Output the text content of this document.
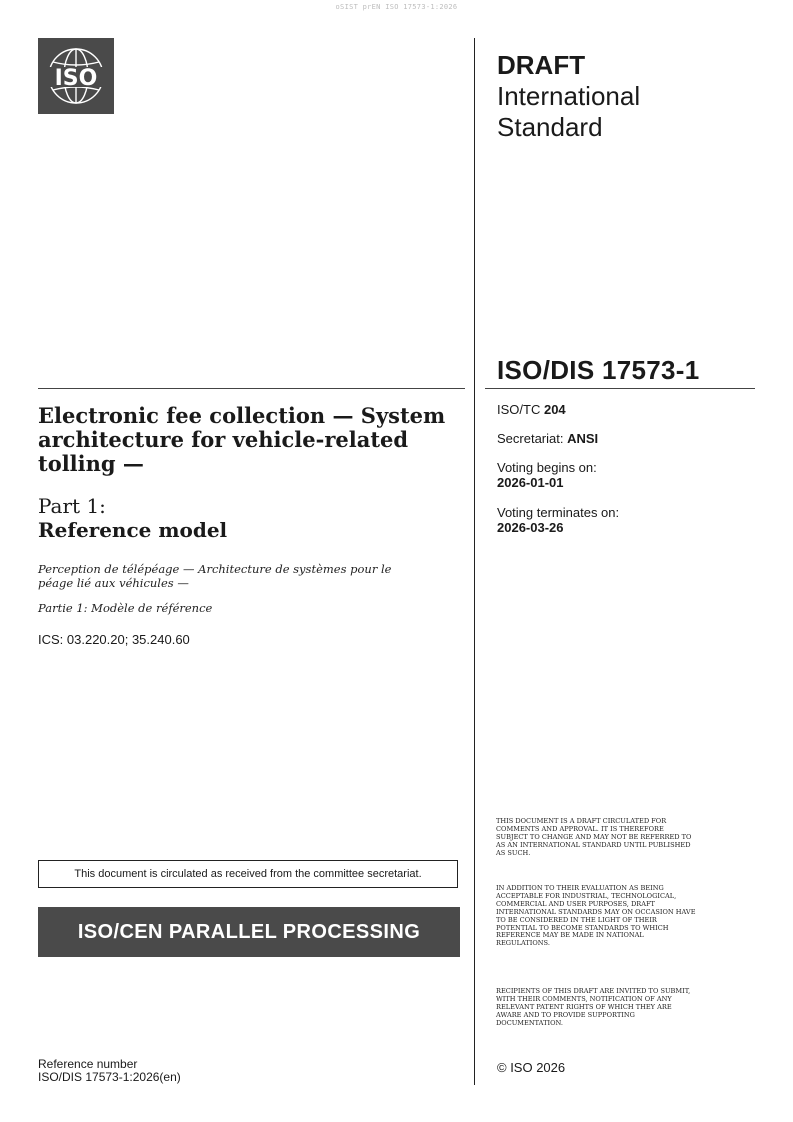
oSIST prEN ISO 17573-1:2026
ISO	DRAFT
International
Standard
ISO/DIS 17573-1
ISO/TC 204
Secretariat: ANSI
Voting begins on:
2026-01-01
Voting terminates on:
2026-03-26
Electronic fee collection — System architecture for vehicle-related tolling —
Part 1:
Reference model
Perception de télépéage — Architecture de systèmes pour le péage lié aux véhicules —
Partie 1: Modèle de référence
ICS: 03.220.20; 35.240.60
This document is circulated as received from the committee secretariat.
ISO/CEN PARALLEL PROCESSING

THIS DOCUMENT IS A DRAFT CIRCULATED FOR COMMENTS AND APPROVAL. IT IS THEREFORE SUBJECT TO CHANGE AND MAY NOT BE REFERRED TO AS AN INTERNATIONAL STANDARD UNTIL PUBLISHED AS SUCH.

IN ADDITION TO THEIR EVALUATION AS BEING ACCEPTABLE FOR INDUSTRIAL, TECHNOLOGICAL, COMMERCIAL AND USER PURPOSES, DRAFT INTERNATIONAL STANDARDS MAY ON OCCASION HAVE TO BE CONSIDERED IN THE LIGHT OF THEIR POTENTIAL TO BECOME STANDARDS TO WHICH REFERENCE MAY BE MADE IN NATIONAL REGULATIONS.

RECIPIENTS OF THIS DRAFT ARE INVITED TO SUBMIT, WITH THEIR COMMENTS, NOTIFICATION OF ANY RELEVANT PATENT RIGHTS OF WHICH THEY ARE AWARE AND TO PROVIDE SUPPORTING DOCUMENTATION.

© ISO 2026
Reference number
ISO/DIS 17573-1:2026(en)
